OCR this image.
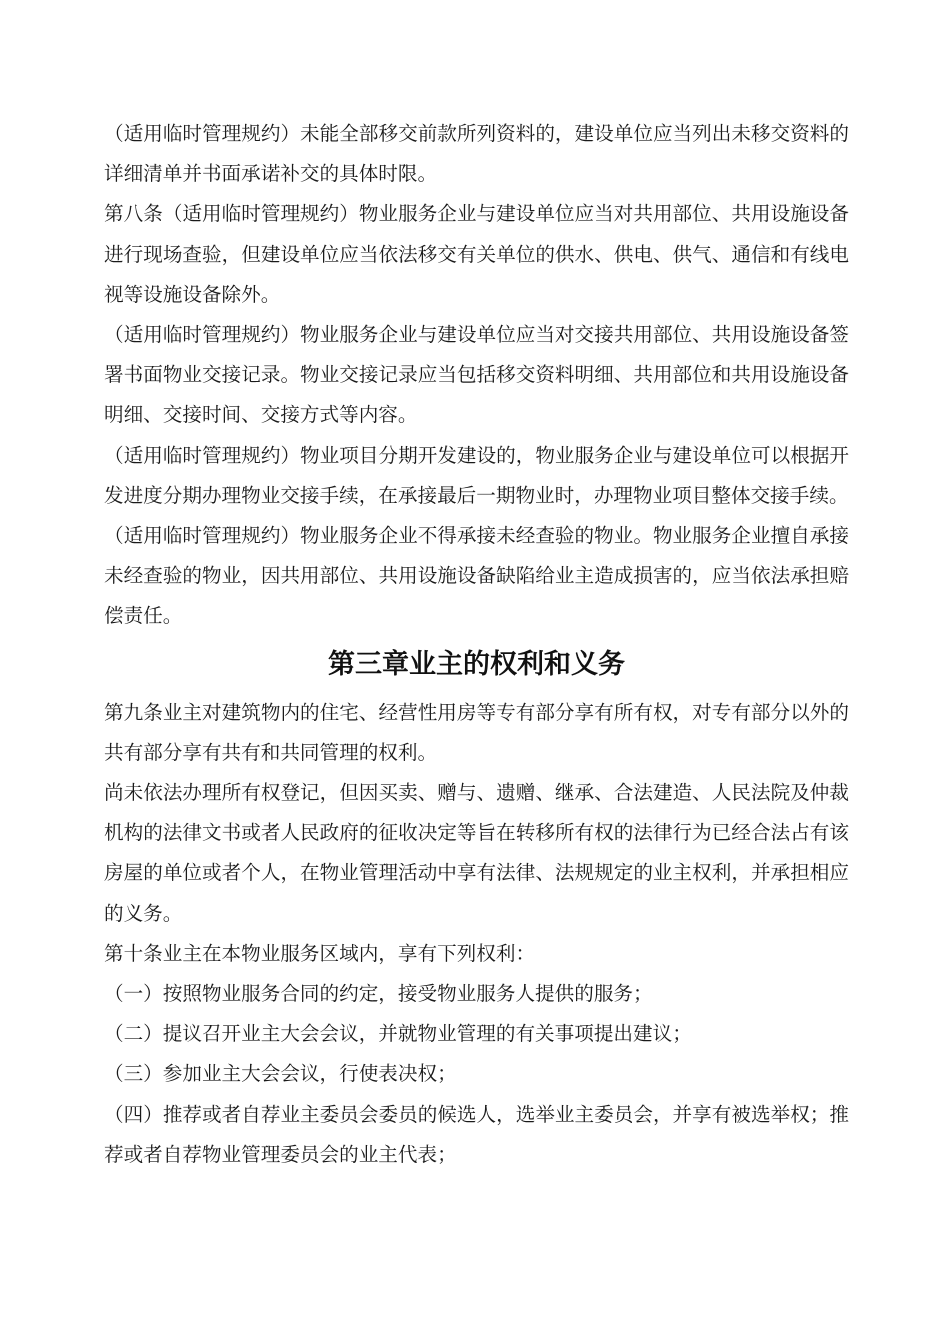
（适用临时管理规约）未能全部移交前款所列资料的，建设单位应当列出未移交资料的详细清单并书面承诺补交的具体时限。

第八条（适用临时管理规约）物业服务企业与建设单位应当对共用部位、共用设施设备进行现场查验，但建设单位应当依法移交有关单位的供水、供电、供气、通信和有线电视等设施设备除外。

（适用临时管理规约）物业服务企业与建设单位应当对交接共用部位、共用设施设备签署书面物业交接记录。物业交接记录应当包括移交资料明细、共用部位和共用设施设备明细、交接时间、交接方式等内容。

（适用临时管理规约）物业项目分期开发建设的，物业服务企业与建设单位可以根据开发进度分期办理物业交接手续，在承接最后一期物业时，办理物业项目整体交接手续。

（适用临时管理规约）物业服务企业不得承接未经查验的物业。物业服务企业擅自承接未经查验的物业，因共用部位、共用设施设备缺陷给业主造成损害的，应当依法承担赔偿责任。

第三章业主的权利和义务

第九条业主对建筑物内的住宅、经营性用房等专有部分享有所有权，对专有部分以外的共有部分享有共有和共同管理的权利。

尚未依法办理所有权登记，但因买卖、赠与、遗赠、继承、合法建造、人民法院及仲裁机构的法律文书或者人民政府的征收决定等旨在转移所有权的法律行为已经合法占有该房屋的单位或者个人，在物业管理活动中享有法律、法规规定的业主权利，并承担相应的义务。

第十条业主在本物业服务区域内，享有下列权利：

（一）按照物业服务合同的约定，接受物业服务人提供的服务；

（二）提议召开业主大会会议，并就物业管理的有关事项提出建议；

（三）参加业主大会会议，行使表决权；

（四）推荐或者自荐业主委员会委员的候选人，选举业主委员会，并享有被选举权；推荐或者自荐物业管理委员会的业主代表；
